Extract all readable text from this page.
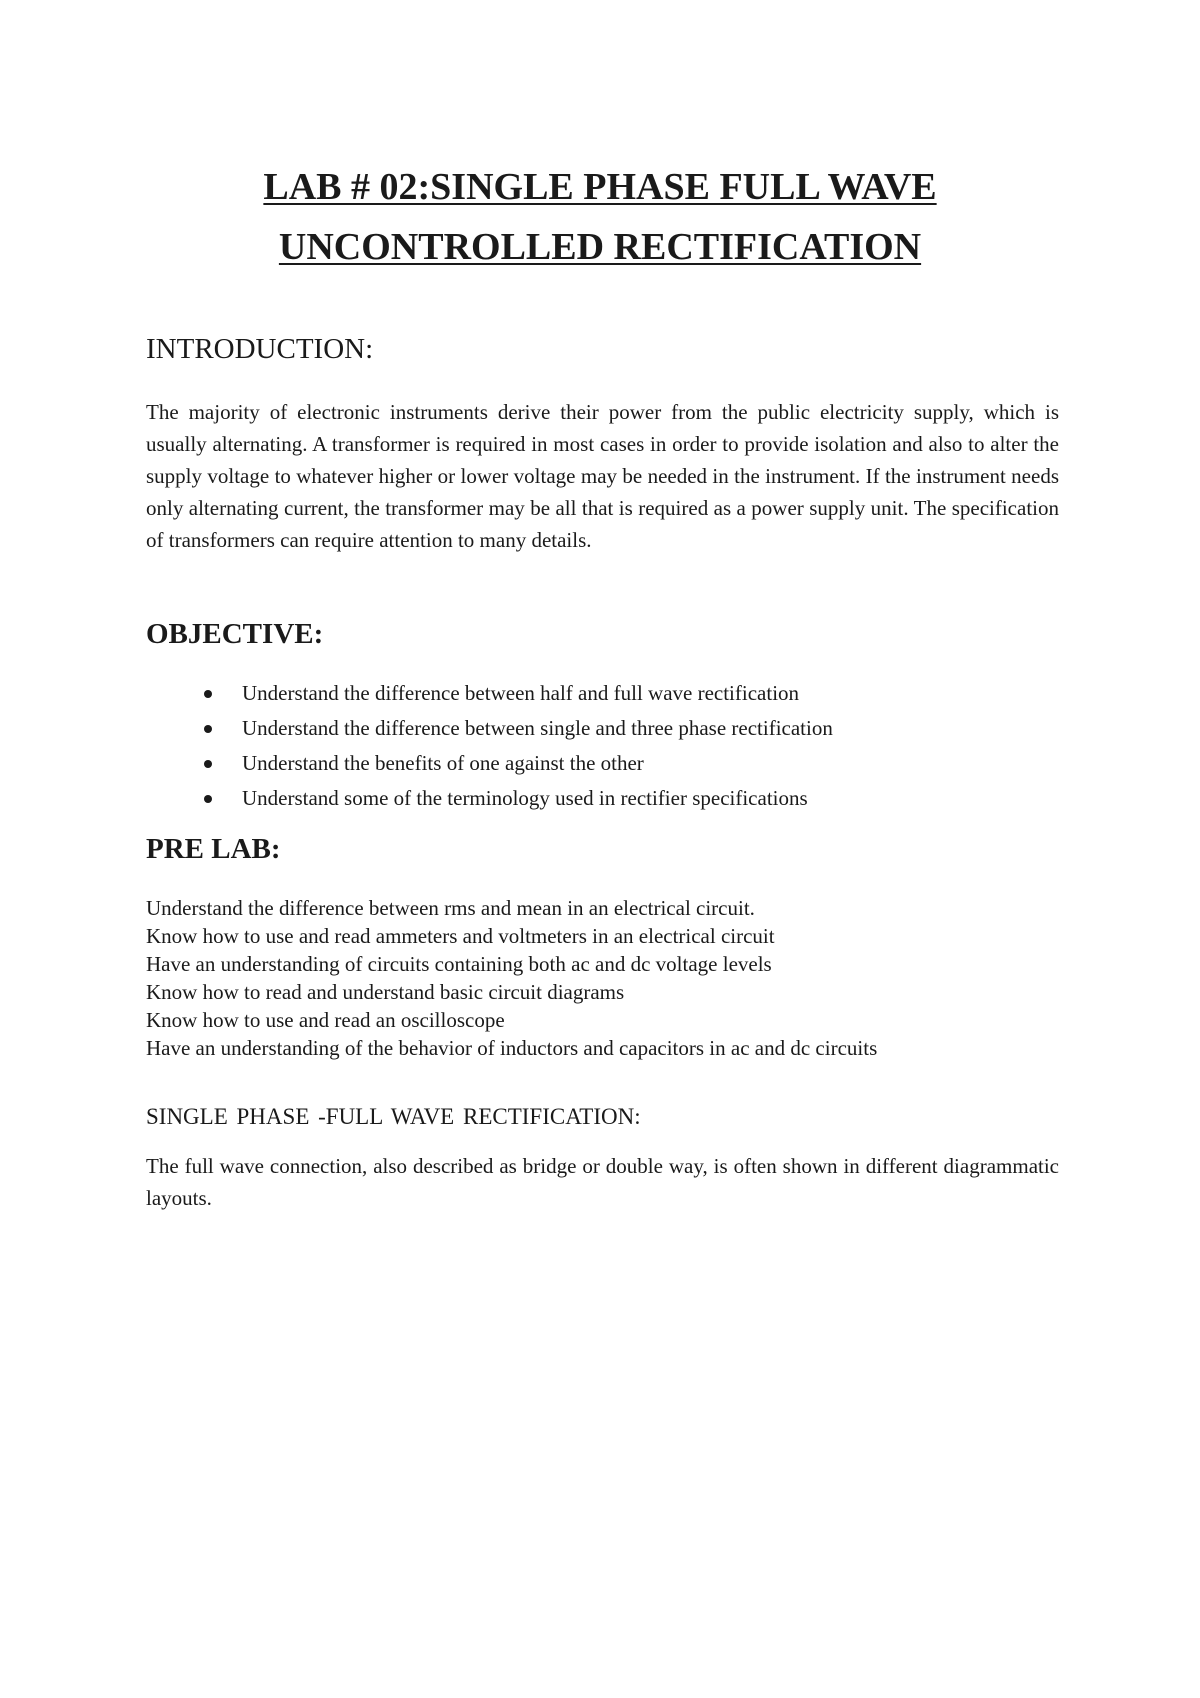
LAB # 02:SINGLE PHASE FULL WAVE
UNCONTROLLED RECTIFICATION
INTRODUCTION:

The majority of electronic instruments derive their power from the public electricity supply, which is usually alternating. A transformer is required in most cases in order to provide isolation and also to alter the supply voltage to whatever higher or lower voltage may be needed in the instrument. If the instrument needs only alternating current, the transformer may be all that is required as a power supply unit. The specification of transformers can require attention to many details.

OBJECTIVE:
Understand the difference between half and full wave rectification
Understand the difference between single and three phase rectification
Understand the benefits of one against the other
Understand some of the terminology used in rectifier specifications
PRE LAB:
Understand the difference between rms and mean in an electrical circuit.
Know how to use and read ammeters and voltmeters in an electrical circuit
Have an understanding of circuits containing both ac and dc voltage levels
Know how to read and understand basic circuit diagrams
Know how to use and read an oscilloscope
Have an understanding of the behavior of inductors and capacitors in ac and dc circuits
SINGLE PHASE -FULL WAVE RECTIFICATION:

The full wave connection, also described as bridge or double way, is often shown in different diagrammatic layouts.
